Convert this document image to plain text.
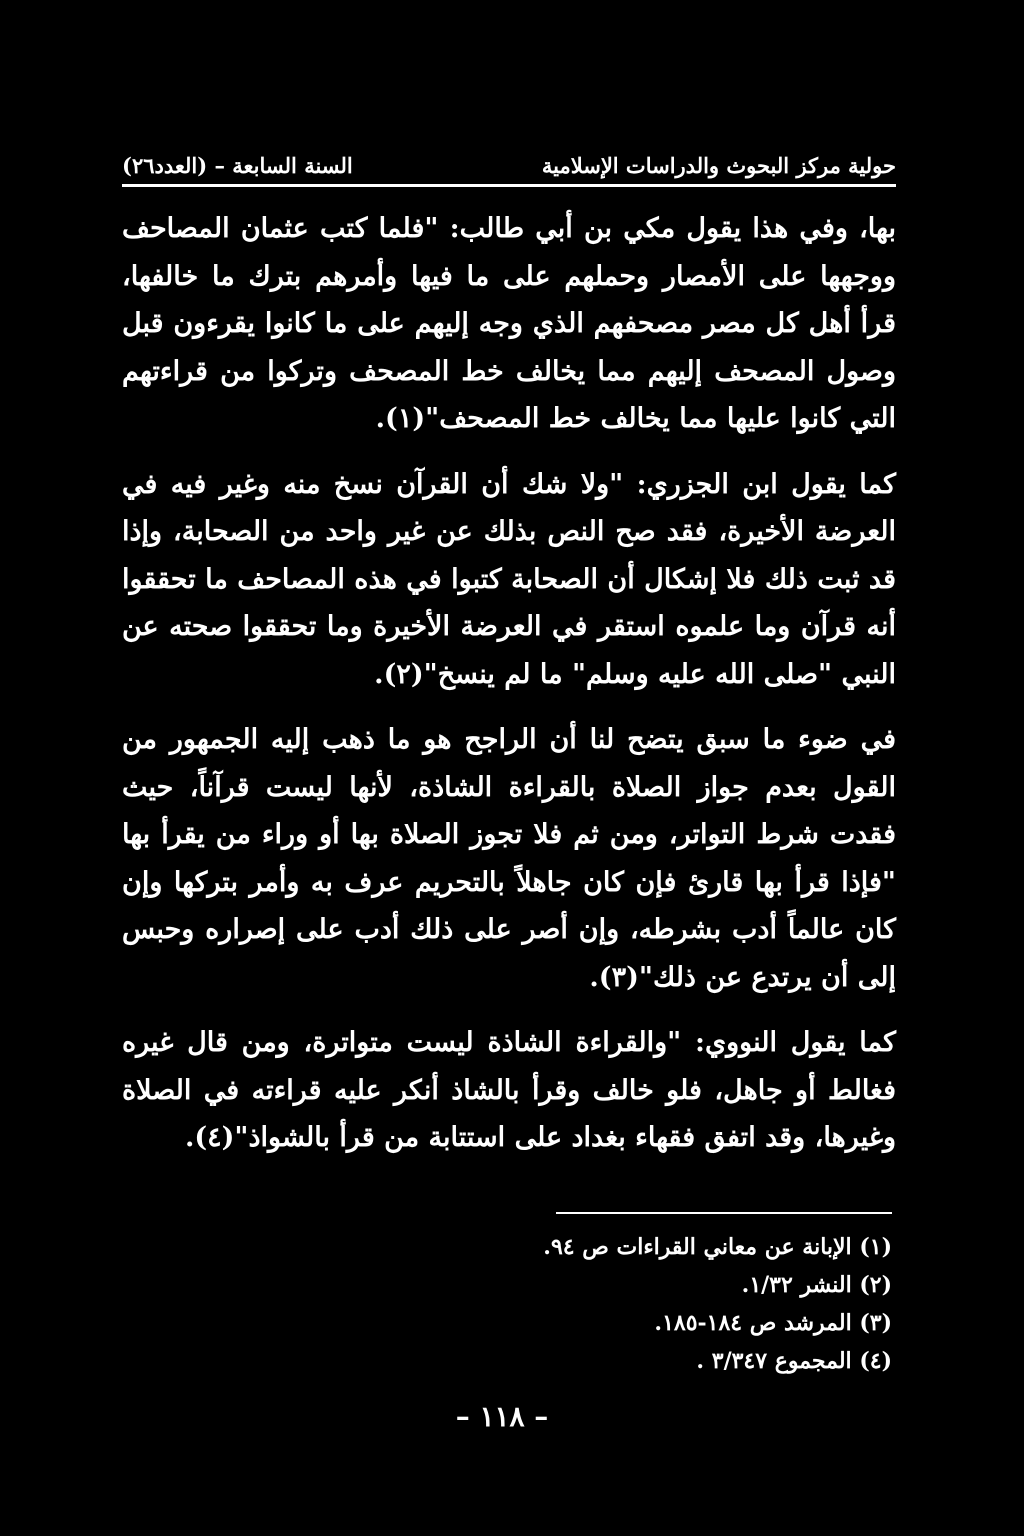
حولية مركز البحوث والدراسات الإسلامية
السنة السابعة – (العدد٢٦)

بها، وفي هذا يقول مكي بن أبي طالب: "فلما كتب عثمان المصاحف ووجهها على الأمصار وحملهم على ما فيها وأمرهم بترك ما خالفها، قرأ أهل كل مصر مصحفهم الذي وجه إليهم على ما كانوا يقرءون قبل وصول المصحف إليهم مما يخالف خط المصحف وتركوا من قراءتهم التي كانوا عليها مما يخالف خط المصحف"(١).

كما يقول ابن الجزري: "ولا شك أن القرآن نسخ منه وغير فيه في العرضة الأخيرة، فقد صح النص بذلك عن غير واحد من الصحابة، وإذا قد ثبت ذلك فلا إشكال أن الصحابة كتبوا في هذه المصاحف ما تحققوا أنه قرآن وما علموه استقر في العرضة الأخيرة وما تحققوا صحته عن النبي "صلى الله عليه وسلم" ما لم ينسخ"(٢).

في ضوء ما سبق يتضح لنا أن الراجح هو ما ذهب إليه الجمهور من القول بعدم جواز الصلاة بالقراءة الشاذة، لأنها ليست قرآناً، حيث فقدت شرط التواتر، ومن ثم فلا تجوز الصلاة بها أو وراء من يقرأ بها "فإذا قرأ بها قارئ فإن كان جاهلاً بالتحريم عرف به وأمر بتركها وإن كان عالماً أدب بشرطه، وإن أصر على ذلك أدب على إصراره وحبس إلى أن يرتدع عن ذلك"(٣).

كما يقول النووي: "والقراءة الشاذة ليست متواترة، ومن قال غيره فغالط أو جاهل، فلو خالف وقرأ بالشاذ أنكر عليه قراءته في الصلاة وغيرها، وقد اتفق فقهاء بغداد على استتابة من قرأ بالشواذ"(٤).

(١) الإبانة عن معاني القراءات ص ٩٤.

(٢) النشر ١/٣٢.

(٣) المرشد ص ١٨٤-١٨٥.

(٤) المجموع ٣/٣٤٧ .

– ١١٨ –
